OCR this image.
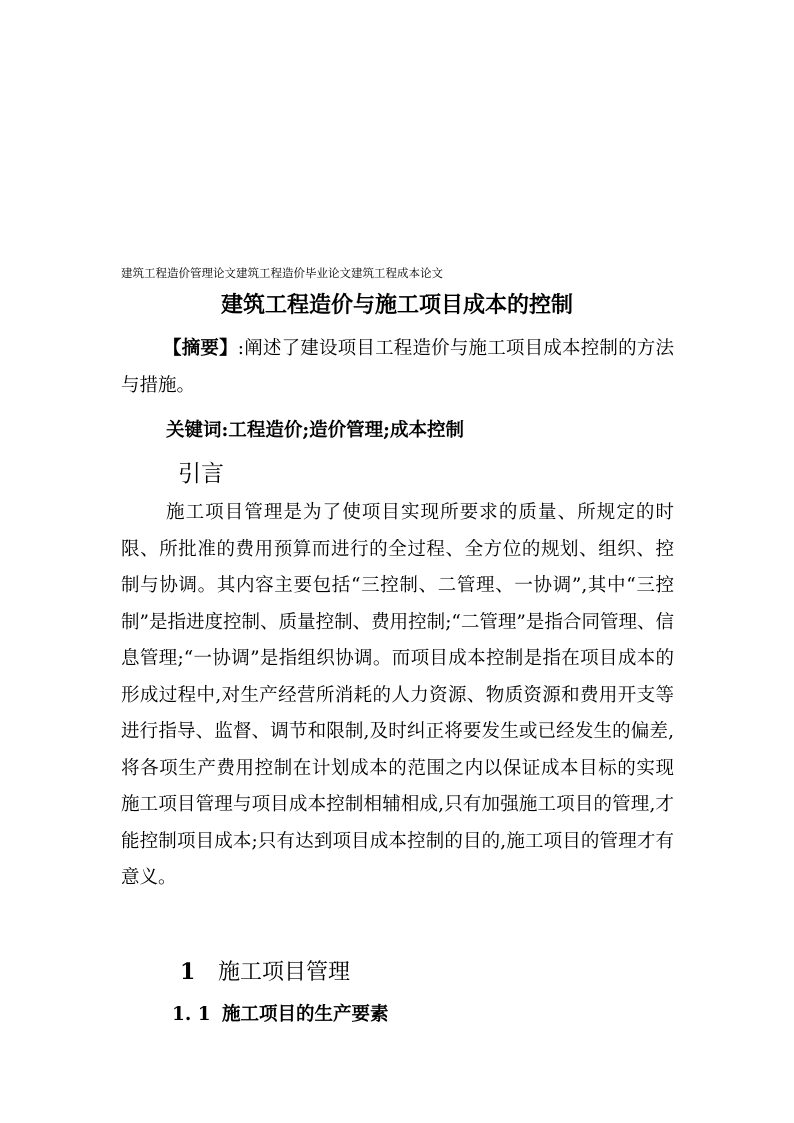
建筑工程造价管理论文建筑工程造价毕业论文建筑工程成本论文
建筑工程造价与施工项目成本的控制
【摘要】:阐述了建设项目工程造价与施工项目成本控制的方法与措施。
关键词:工程造价;造价管理;成本控制
引言
施工项目管理是为了使项目实现所要求的质量、所规定的时限、所批准的费用预算而进行的全过程、全方位的规划、组织、控制与协调。其内容主要包括“三控制、二管理、一协调”,其中“三控制”是指进度控制、质量控制、费用控制;“二管理”是指合同管理、信息管理;“一协调”是指组织协调。而项目成本控制是指在项目成本的形成过程中,对生产经营所消耗的人力资源、物质资源和费用开支等进行指导、监督、调节和限制,及时纠正将要发生或已经发生的偏差,将各项生产费用控制在计划成本的范围之内以保证成本目标的实现施工项目管理与项目成本控制相辅相成,只有加强施工项目的管理,才能控制项目成本;只有达到项目成本控制的目的,施工项目的管理才有意义。
1 施工项目管理
1. 1 施工项目的生产要素
